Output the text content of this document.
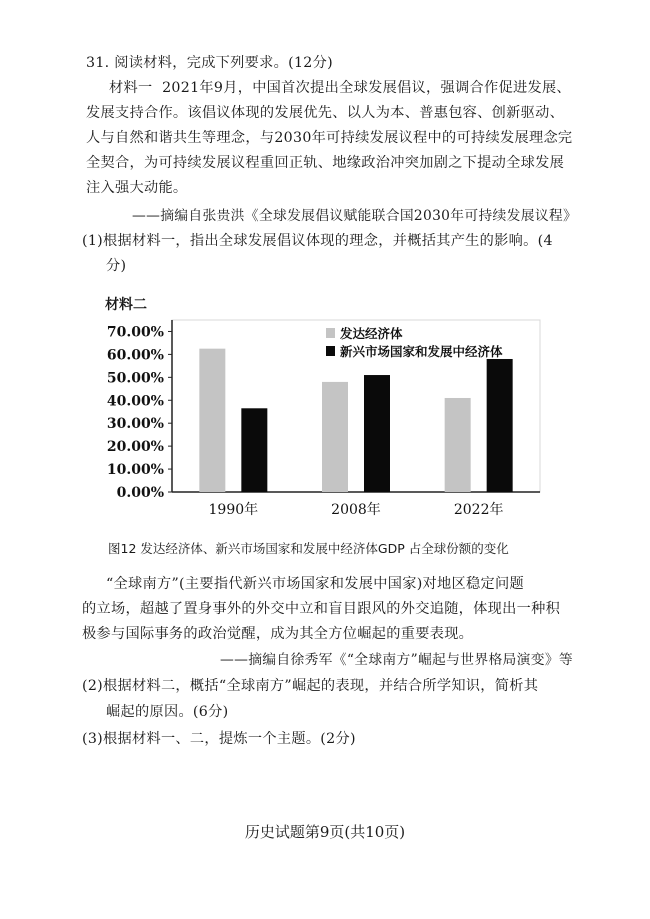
31. 阅读材料，完成下列要求。(12分)
材料一 2021年9月，中国首次提出全球发展倡议，强调合作促进发展、
发展支持合作。该倡议体现的发展优先、以人为本、普惠包容、创新驱动、
人与自然和谐共生等理念，与2030年可持续发展议程中的可持续发展理念完
全契合，为可持续发展议程重回正轨、地缘政治冲突加剧之下提动全球发展
注入强大动能。
——摘编自张贵洪《全球发展倡议赋能联合国2030年可持续发展议程》
(1)根据材料一，指出全球发展倡议体现的理念，并概括其产生的影响。(4
分)
材料二
0.00%
10.00%
20.00%
30.00%
40.00%
50.00%
60.00%
70.00%
1990年	2008年	2022年
发达经济体
新兴市场国家和发展中经济体
图12 发达经济体、新兴市场国家和发展中经济体GDP 占全球份额的变化
“全球南方”(主要指代新兴市场国家和发展中国家)对地区稳定问题
的立场，超越了置身事外的外交中立和盲目跟风的外交追随，体现出一种积
极参与国际事务的政治觉醒，成为其全方位崛起的重要表现。
——摘编自徐秀军《“全球南方”崛起与世界格局演变》等
(2)根据材料二，概括“全球南方”崛起的表现，并结合所学知识，简析其
崛起的原因。(6分)
(3)根据材料一、二，提炼一个主题。(2分)
历史试题第9页(共10页)
